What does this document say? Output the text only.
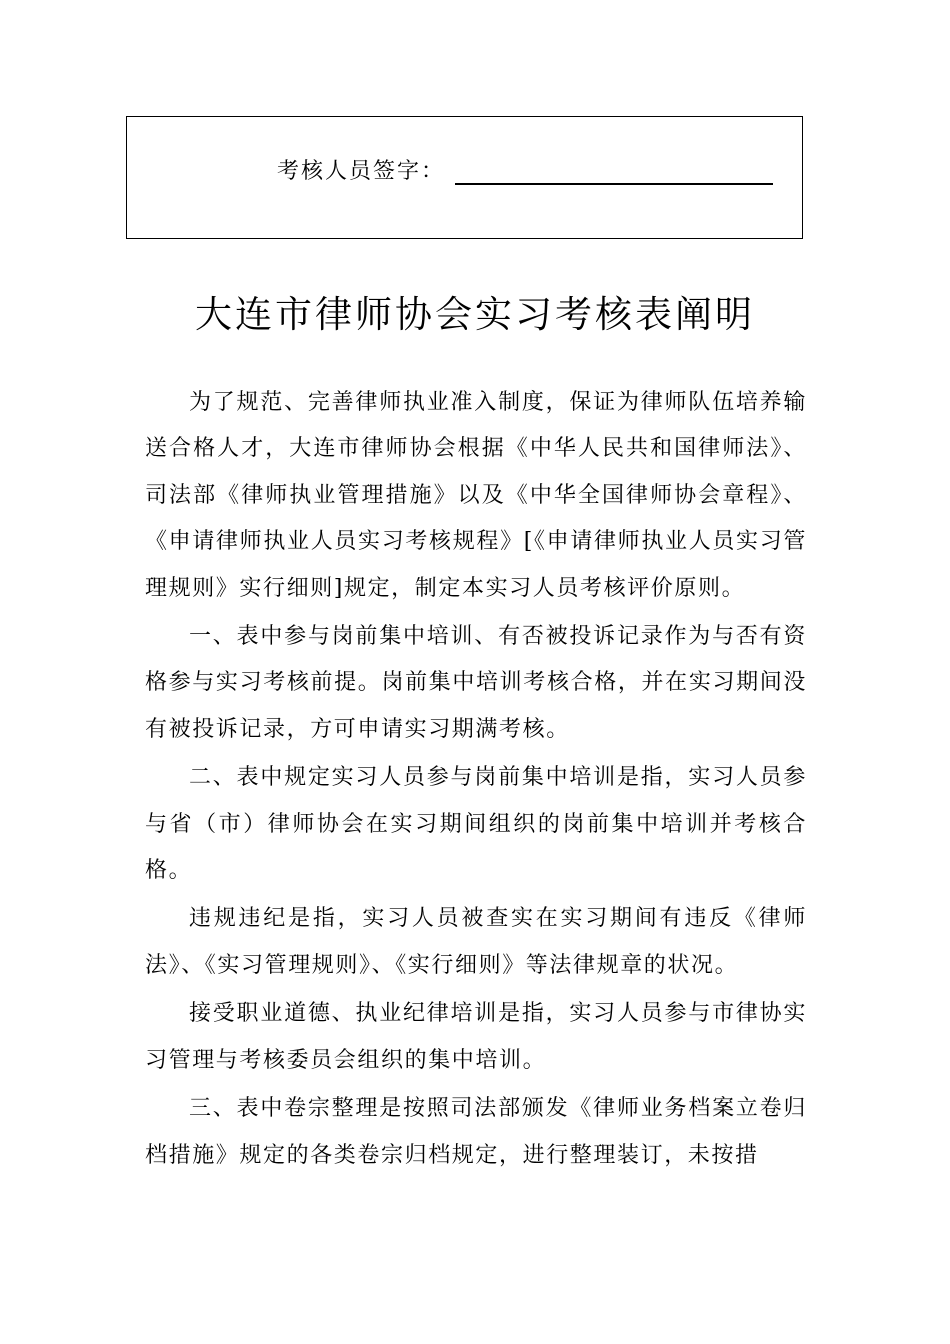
考核人员签字：
大连市律师协会实习考核表阐明

为了规范、完善律师执业准入制度，保证为律师队伍培养输送合格人才，大连市律师协会根据《中华人民共和国律师法》、司法部《律师执业管理措施》以及《中华全国律师协会章程》、《申请律师执业人员实习考核规程》[《申请律师执业人员实习管理规则》实行细则]规定，制定本实习人员考核评价原则。

一、表中参与岗前集中培训、有否被投诉记录作为与否有资格参与实习考核前提。岗前集中培训考核合格，并在实习期间没有被投诉记录，方可申请实习期满考核。

二、表中规定实习人员参与岗前集中培训是指，实习人员参与省（市）律师协会在实习期间组织的岗前集中培训并考核合格。

违规违纪是指，实习人员被查实在实习期间有违反《律师法》、《实习管理规则》、《实行细则》等法律规章的状况。

接受职业道德、执业纪律培训是指，实习人员参与市律协实习管理与考核委员会组织的集中培训。

三、表中卷宗整理是按照司法部颁发《律师业务档案立卷归档措施》规定的各类卷宗归档规定，进行整理装订，未按措
